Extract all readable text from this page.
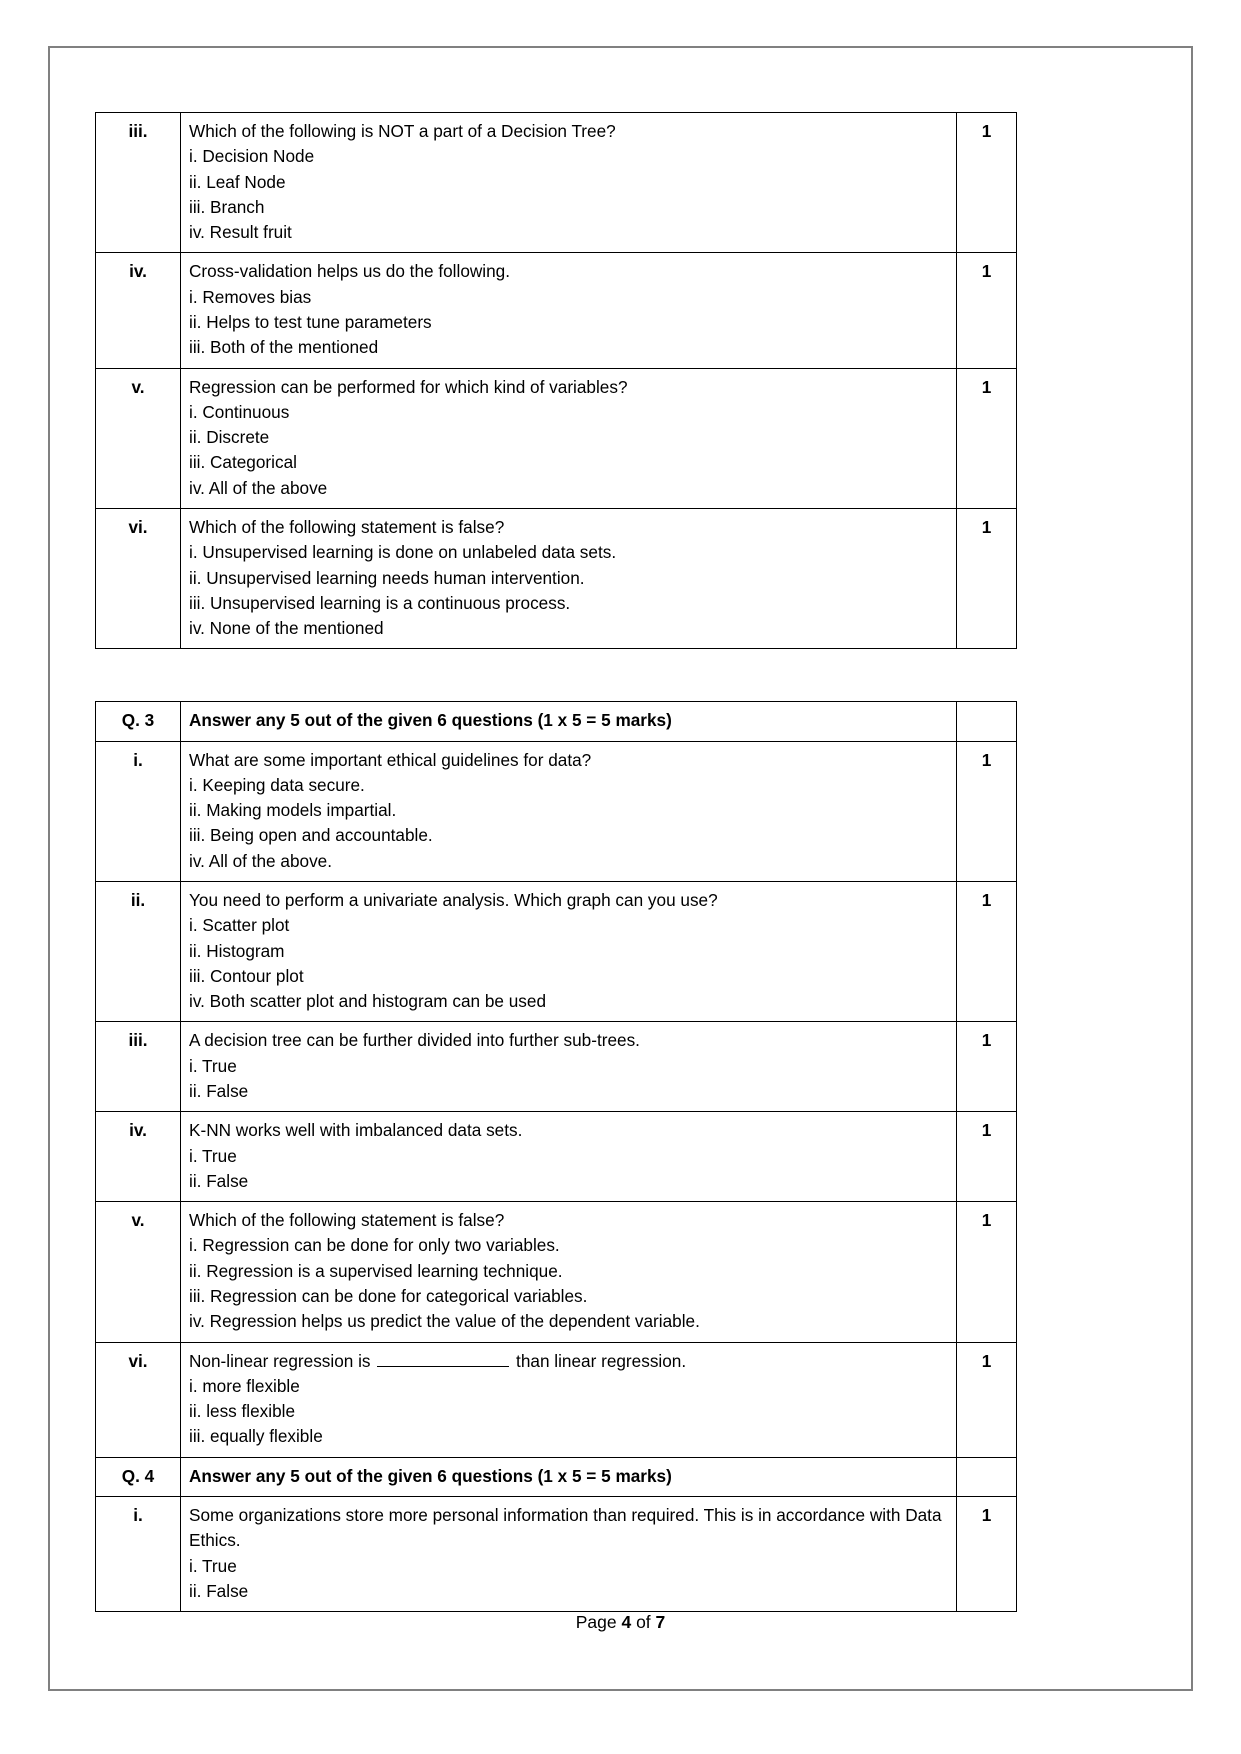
iii.	Which of the following is NOT a part of a Decision Tree?
i. Decision Node
ii. Leaf Node
iii. Branch
iv. Result fruit	1
iv.	Cross-validation helps us do the following.
i. Removes bias
ii. Helps to test tune parameters
iii. Both of the mentioned	1
v.	Regression can be performed for which kind of variables?
i. Continuous
ii. Discrete
iii. Categorical
iv. All of the above	1
vi.	Which of the following statement is false?
i. Unsupervised learning is done on unlabeled data sets.
ii. Unsupervised learning needs human intervention.
iii. Unsupervised learning is a continuous process.
iv. None of the mentioned	1
Q. 3	Answer any 5 out of the given 6 questions (1 x 5 = 5 marks)	
i.	What are some important ethical guidelines for data?
i. Keeping data secure.
ii. Making models impartial.
iii. Being open and accountable.
iv. All of the above.	1
ii.	You need to perform a univariate analysis. Which graph can you use?
i. Scatter plot
ii. Histogram
iii. Contour plot
iv. Both scatter plot and histogram can be used	1
iii.	A decision tree can be further divided into further sub-trees.
i. True
ii. False	1
iv.	K-NN works well with imbalanced data sets.
i. True
ii. False	1
v.	Which of the following statement is false?
i. Regression can be done for only two variables.
ii. Regression is a supervised learning technique.
iii. Regression can be done for categorical variables.
iv. Regression helps us predict the value of the dependent variable.	1
vi.	Non-linear regression is than linear regression.
i. more flexible
ii. less flexible
iii. equally flexible	1
Q. 4	Answer any 5 out of the given 6 questions (1 x 5 = 5 marks)	
i.	Some organizations store more personal information than required. This is in accordance with Data Ethics.
i. True
ii. False	1
Page 4 of 7
